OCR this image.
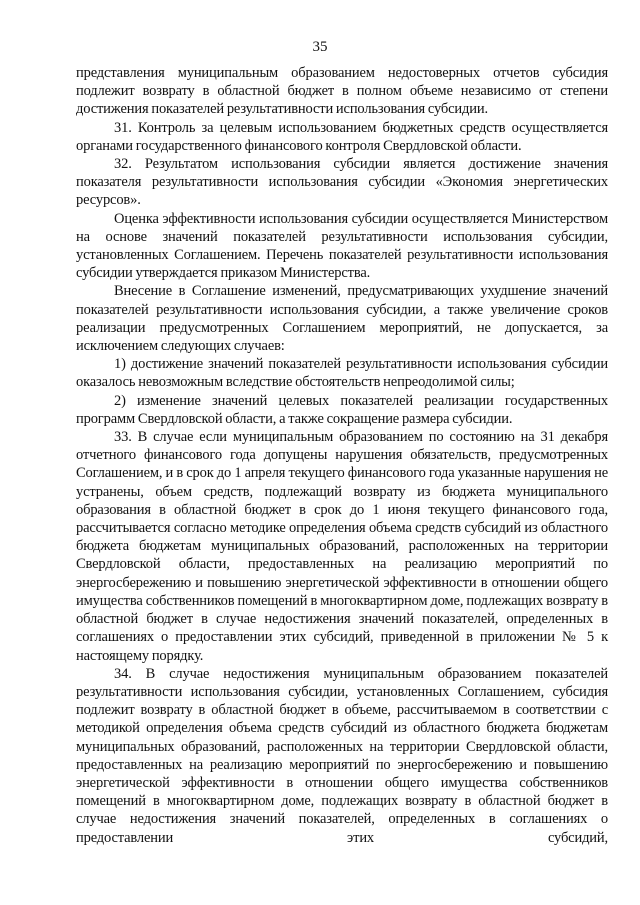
35

представления муниципальным образованием недостоверных отчетов субсидия подлежит возврату в областной бюджет в полном объеме независимо от степени достижения показателей результативности использования субсидии.

31. Контроль за целевым использованием бюджетных средств осуществляется органами государственного финансового контроля Свердловской области.

32. Результатом использования субсидии является достижение значения показателя результативности использования субсидии «Экономия энергетических ресурсов».

Оценка эффективности использования субсидии осуществляется Министерством на основе значений показателей результативности использования субсидии, установленных Соглашением. Перечень показателей результативности использования субсидии утверждается приказом Министерства.

Внесение в Соглашение изменений, предусматривающих ухудшение значений показателей результативности использования субсидии, а также увеличение сроков реализации предусмотренных Соглашением мероприятий, не допускается, за исключением следующих случаев:

1) достижение значений показателей результативности использования субсидии оказалось невозможным вследствие обстоятельств непреодолимой силы;

2) изменение значений целевых показателей реализации государственных программ Свердловской области, а также сокращение размера субсидии.

33. В случае если муниципальным образованием по состоянию на 31 декабря отчетного финансового года допущены нарушения обязательств, предусмотренных Соглашением, и в срок до 1 апреля текущего финансового года указанные нарушения не устранены, объем средств, подлежащий возврату из бюджета муниципального образования в областной бюджет в срок до 1 июня текущего финансового года, рассчитывается согласно методике определения объема средств субсидий из областного бюджета бюджетам муниципальных образований, расположенных на территории Свердловской области, предоставленных на реализацию мероприятий по энергосбережению и повышению энергетической эффективности в отношении общего имущества собственников помещений в многоквартирном доме, подлежащих возврату в областной бюджет в случае недостижения значений показателей, определенных в соглашениях о предоставлении этих субсидий, приведенной в приложении № 5 к настоящему порядку.

34. В случае недостижения муниципальным образованием показателей результативности использования субсидии, установленных Соглашением, субсидия подлежит возврату в областной бюджет в объеме, рассчитываемом в соответствии с методикой определения объема средств субсидий из областного бюджета бюджетам муниципальных образований, расположенных на территории Свердловской области, предоставленных на реализацию мероприятий по энергосбережению и повышению энергетической эффективности в отношении общего имущества собственников помещений в многоквартирном доме, подлежащих возврату в областной бюджет в случае недостижения значений показателей, определенных в соглашениях о предоставлении этих субсидий,
